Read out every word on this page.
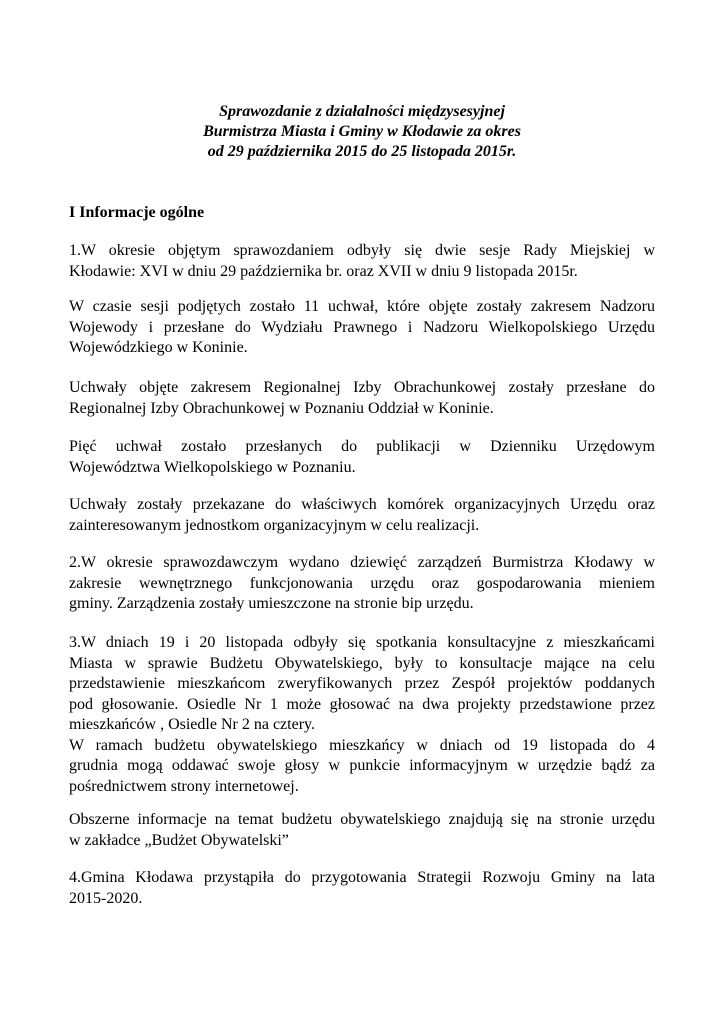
Sprawozdanie z działalności międzysesyjnej
Burmistrza Miasta i Gminy w Kłodawie za okres
od 29 października 2015 do 25 listopada 2015r.
I Informacje ogólne
1.W okresie objętym sprawozdaniem odbyły się dwie sesje Rady Miejskiej w
Kłodawie: XVI w dniu 29 października br. oraz XVII w dniu 9 listopada 2015r.
W czasie sesji podjętych zostało 11 uchwał, które objęte zostały zakresem Nadzoru
Wojewody i przesłane do Wydziału Prawnego i Nadzoru Wielkopolskiego Urzędu
Wojewódzkiego w Koninie.
Uchwały objęte zakresem Regionalnej Izby Obrachunkowej zostały przesłane do
Regionalnej Izby Obrachunkowej w Poznaniu Oddział w Koninie.
Pięć uchwał zostało przesłanych do publikacji w Dzienniku Urzędowym
Województwa Wielkopolskiego w Poznaniu.
Uchwały zostały przekazane do właściwych komórek organizacyjnych Urzędu oraz
zainteresowanym jednostkom organizacyjnym w celu realizacji.
2.W okresie sprawozdawczym wydano dziewięć zarządzeń Burmistrza Kłodawy w
zakresie wewnętrznego funkcjonowania urzędu oraz gospodarowania mieniem
gminy. Zarządzenia zostały umieszczone na stronie bip urzędu.
3.W dniach 19 i 20 listopada odbyły się spotkania konsultacyjne z mieszkańcami
Miasta w sprawie Budżetu Obywatelskiego, były to konsultacje mające na celu
przedstawienie mieszkańcom zweryfikowanych przez Zespół projektów poddanych
pod głosowanie. Osiedle Nr 1 może głosować na dwa projekty przedstawione przez
mieszkańców , Osiedle Nr 2 na cztery.
W ramach budżetu obywatelskiego mieszkańcy w dniach od 19 listopada do 4
grudnia mogą oddawać swoje głosy w punkcie informacyjnym w urzędzie bądź za
pośrednictwem strony internetowej.
Obszerne informacje na temat budżetu obywatelskiego znajdują się na stronie urzędu
w zakładce „Budżet Obywatelski”
4.Gmina Kłodawa przystąpiła do przygotowania Strategii Rozwoju Gminy na lata
2015-2020.
